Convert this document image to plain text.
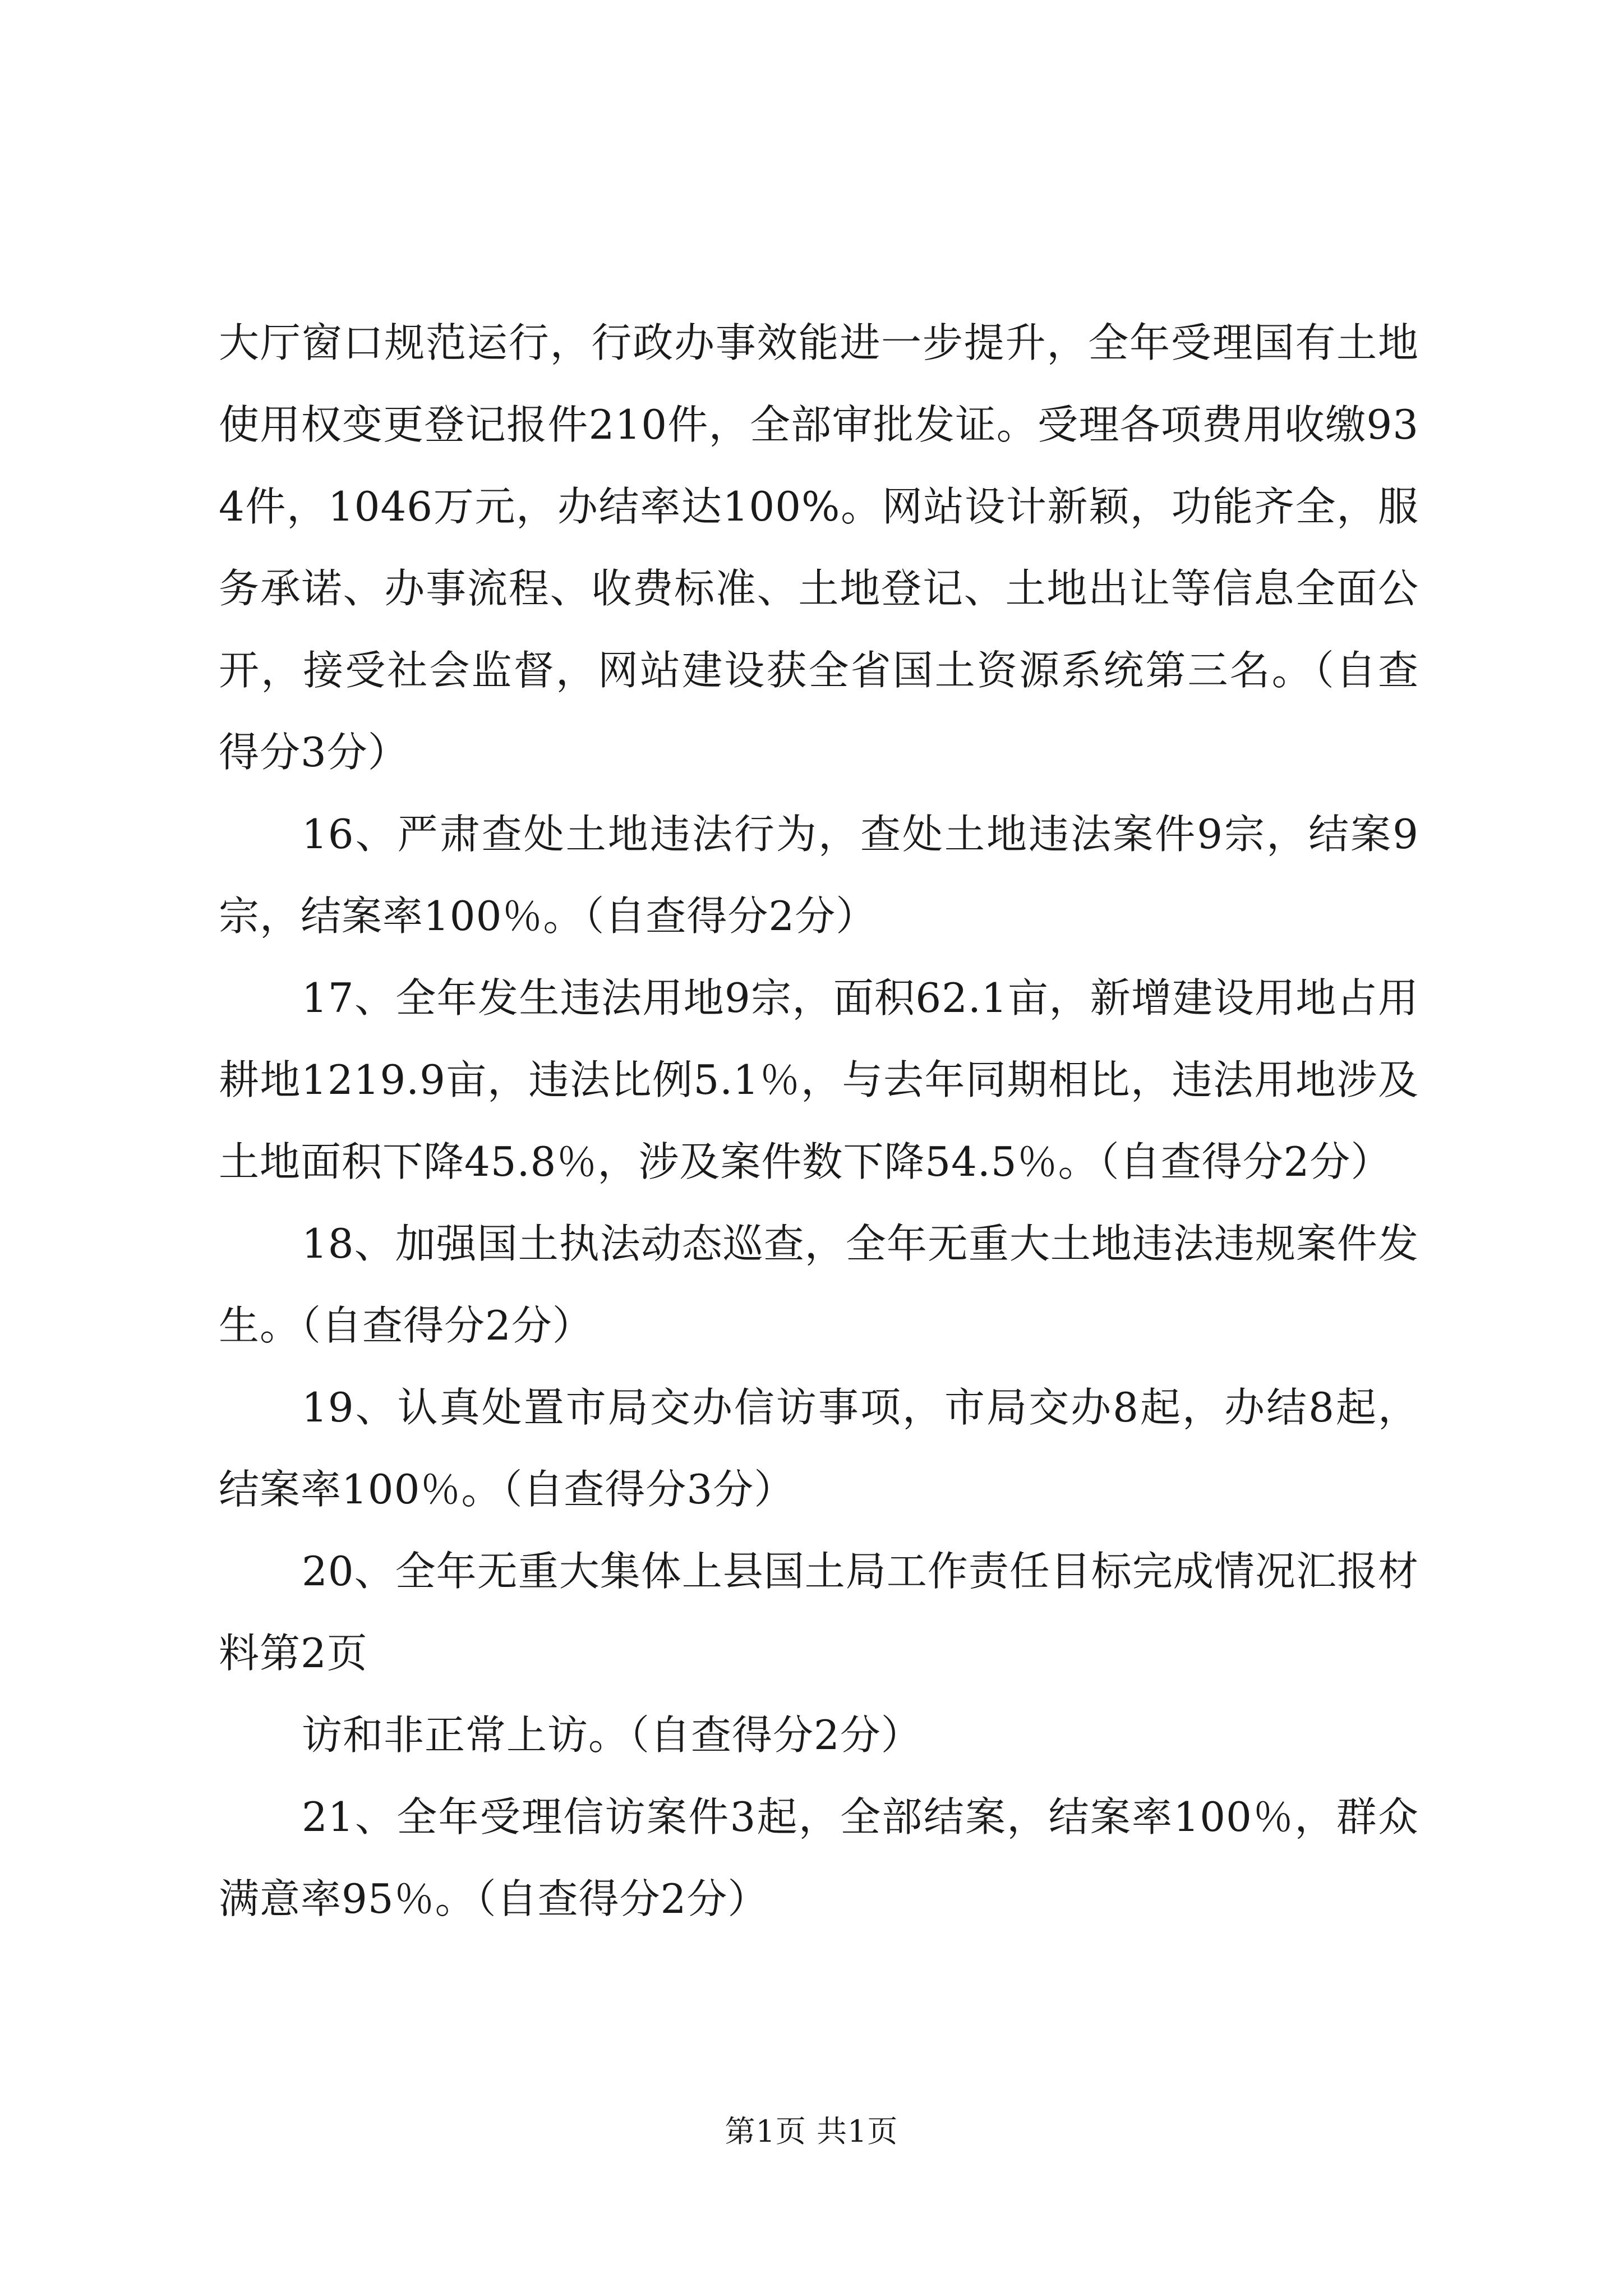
大厅窗口规范运行，行政办事效能进一步提升，全年受理国有土地使用权变更登记报件210件，全部审批发证。受理各项费用收缴934件，1046万元，办结率达100%。网站设计新颖，功能齐全，服务承诺、办事流程、收费标准、土地登记、土地出让等信息全面公开，接受社会监督，网站建设获全省国土资源系统第三名。（自查得分3分）

16、严肃查处土地违法行为，查处土地违法案件9宗，结案9宗，结案率100％。（自查得分2分）

17、全年发生违法用地9宗，面积62.1亩，新增建设用地占用耕地1219.9亩，违法比例5.1％，与去年同期相比，违法用地涉及土地面积下降45.8％，涉及案件数下降54.5％。（自查得分2分）

18、加强国土执法动态巡查，全年无重大土地违法违规案件发生。（自查得分2分）

19、认真处置市局交办信访事项，市局交办8起，办结8起，结案率100％。（自查得分3分）

20、全年无重大集体上县国土局工作责任目标完成情况汇报材料第2页

访和非正常上访。（自查得分2分）

21、全年受理信访案件3起，全部结案，结案率100％，群众满意率95％。（自查得分2分）

第1页 共1页
